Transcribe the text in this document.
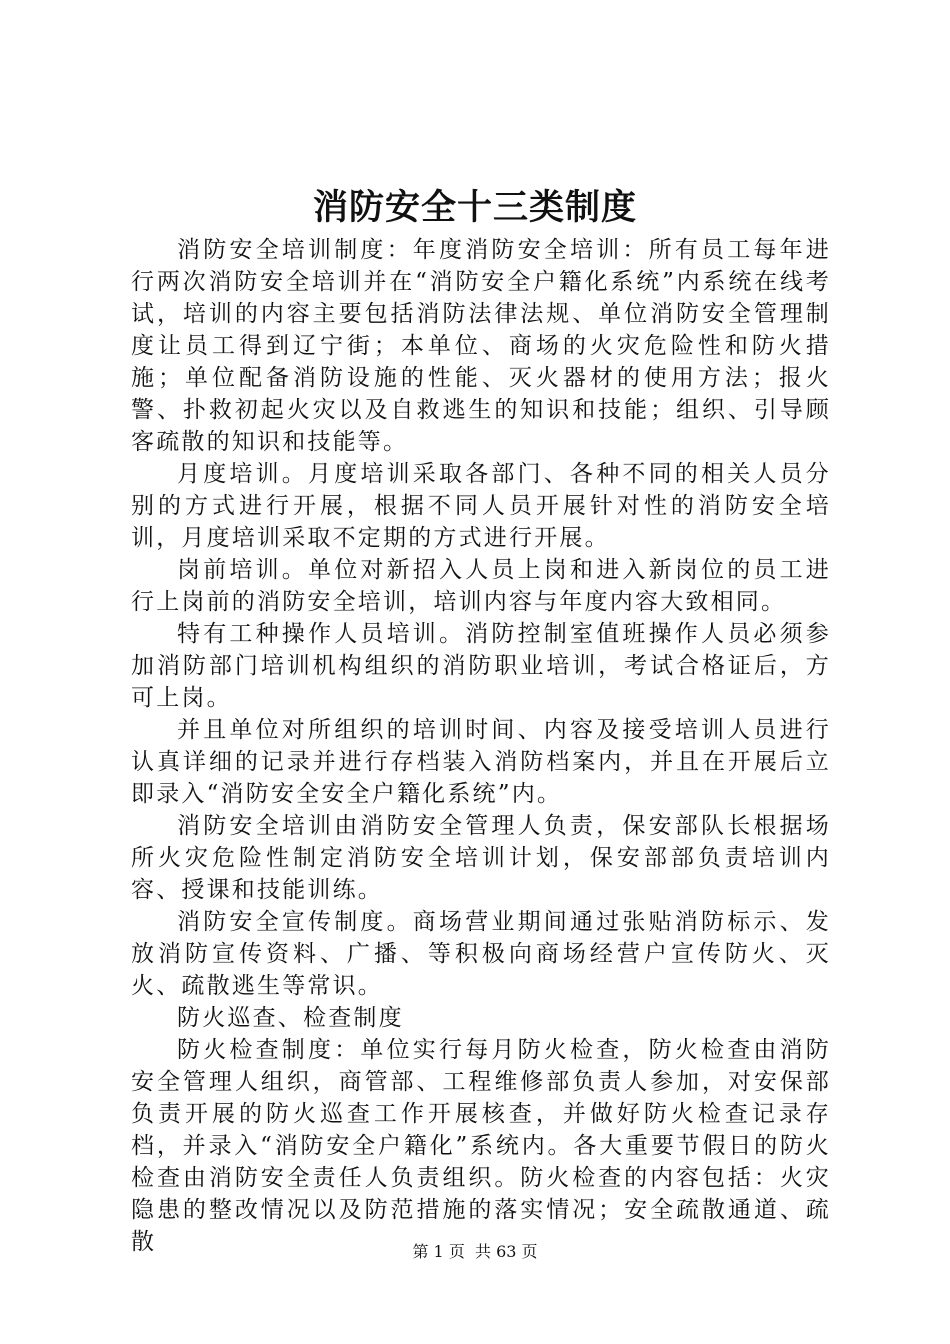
消防安全十三类制度

消防安全培训制度：年度消防安全培训：所有员工每年进行两次消防安全培训并在“消防安全户籍化系统”内系统在线考试，培训的内容主要包括消防法律法规、单位消防安全管理制度让员工得到辽宁街；本单位、商场的火灾危险性和防火措施；单位配备消防设施的性能、灭火器材的使用方法；报火警、扑救初起火灾以及自救逃生的知识和技能；组织、引导顾客疏散的知识和技能等。

月度培训。月度培训采取各部门、各种不同的相关人员分别的方式进行开展，根据不同人员开展针对性的消防安全培训，月度培训采取不定期的方式进行开展。

岗前培训。单位对新招入人员上岗和进入新岗位的员工进行上岗前的消防安全培训，培训内容与年度内容大致相同。

特有工种操作人员培训。消防控制室值班操作人员必须参加消防部门培训机构组织的消防职业培训，考试合格证后，方可上岗。

并且单位对所组织的培训时间、内容及接受培训人员进行认真详细的记录并进行存档装入消防档案内，并且在开展后立即录入“消防安全安全户籍化系统”内。

消防安全培训由消防安全管理人负责，保安部队长根据场所火灾危险性制定消防安全培训计划，保安部部负责培训内容、授课和技能训练。

消防安全宣传制度。商场营业期间通过张贴消防标示、发放消防宣传资料、广播、等积极向商场经营户宣传防火、灭火、疏散逃生等常识。

防火巡查、检查制度

防火检查制度：单位实行每月防火检查，防火检查由消防安全管理人组织，商管部、工程维修部负责人参加，对安保部负责开展的防火巡查工作开展核查，并做好防火检查记录存档，并录入“消防安全户籍化”系统内。各大重要节假日的防火检查由消防安全责任人负责组织。防火检查的内容包括：火灾隐患的整改情况以及防范措施的落实情况；安全疏散通道、疏散	第 1 页  共 63 页
